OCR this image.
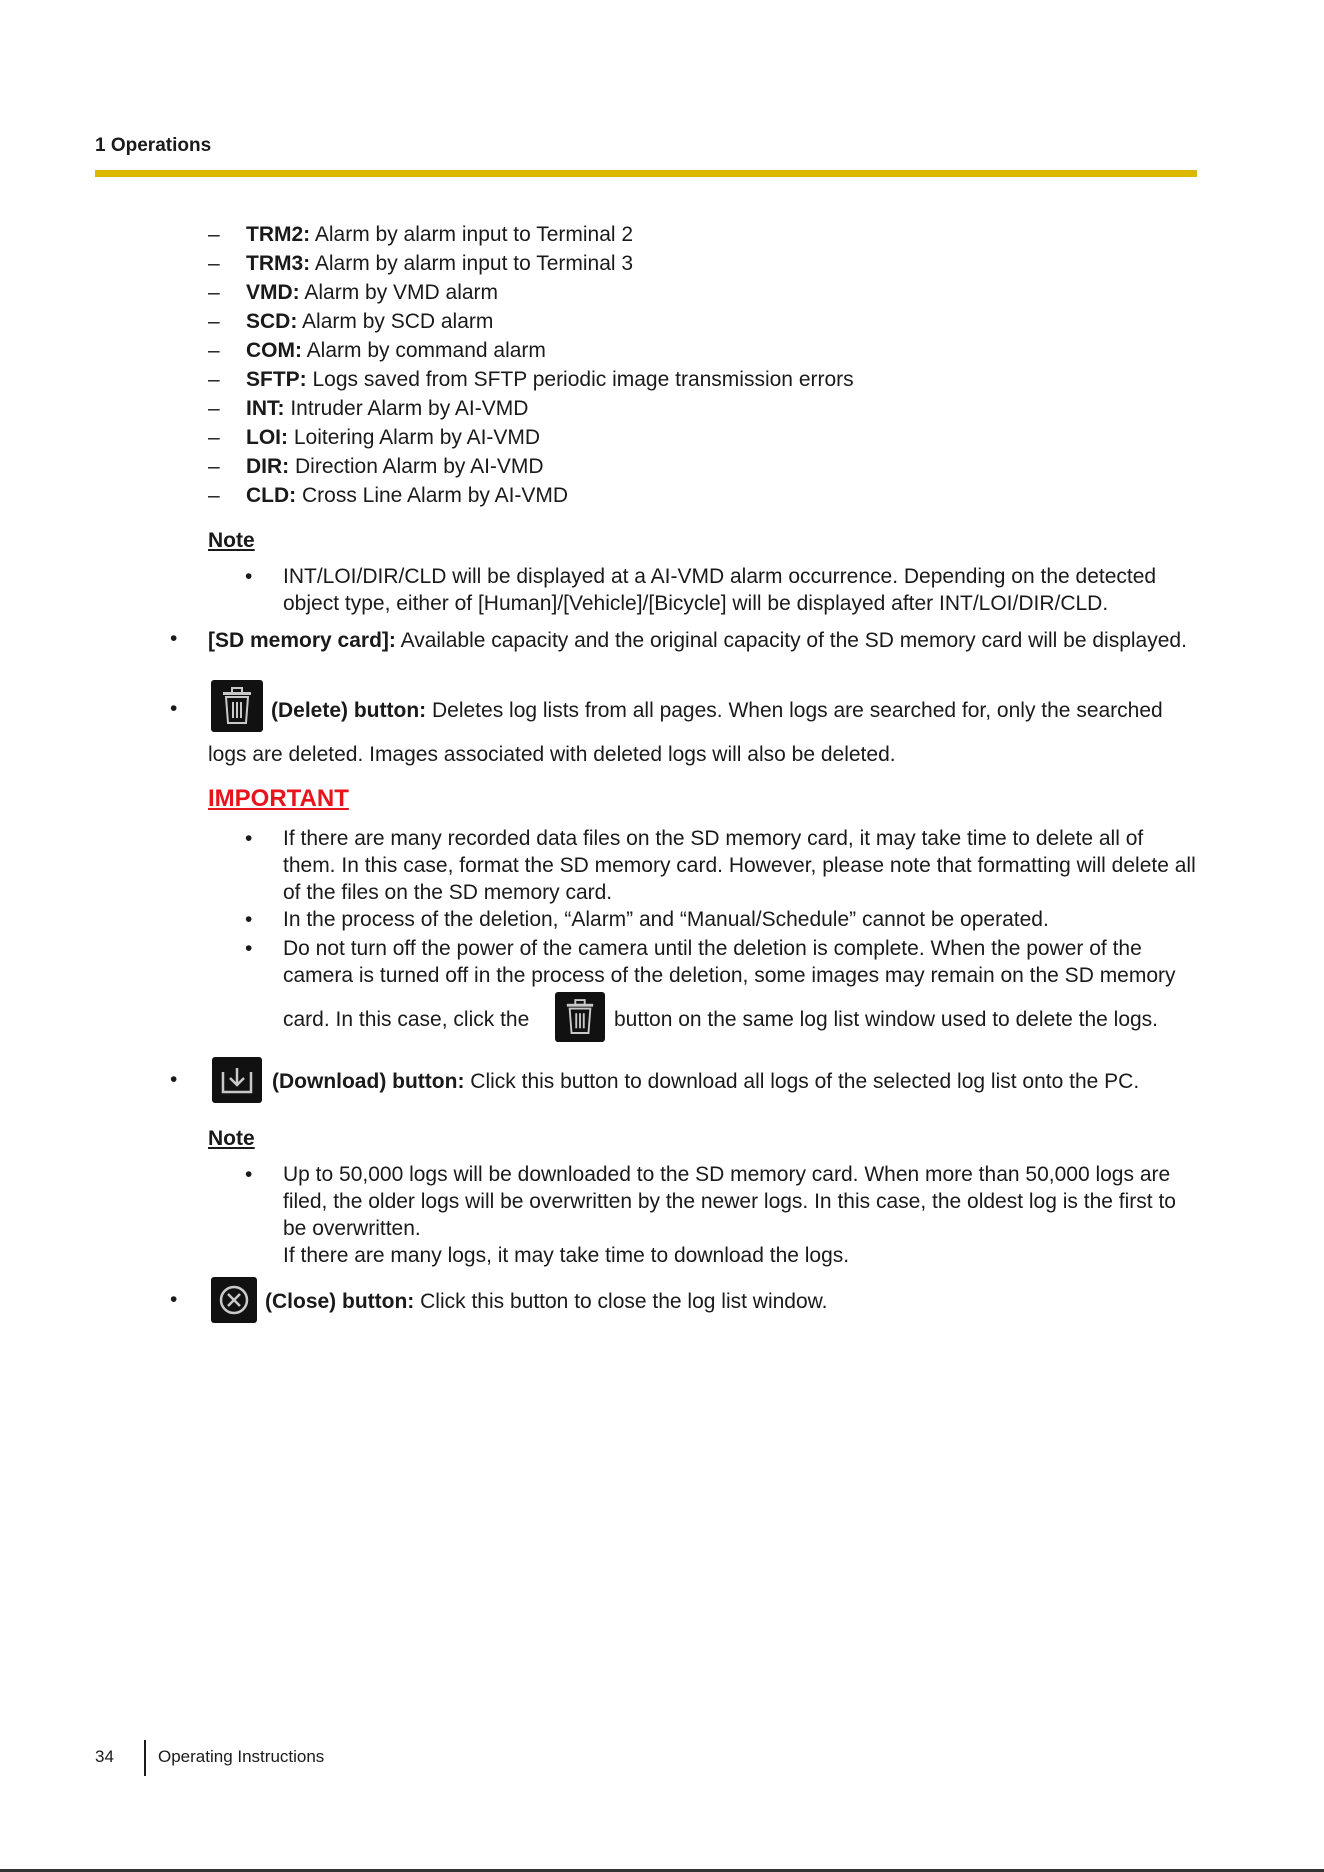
1 Operations
– TRM2: Alarm by alarm input to Terminal 2
– TRM3: Alarm by alarm input to Terminal 3
– VMD: Alarm by VMD alarm
– SCD: Alarm by SCD alarm
– COM: Alarm by command alarm
– SFTP: Logs saved from SFTP periodic image transmission errors
– INT: Intruder Alarm by AI-VMD
– LOI: Loitering Alarm by AI-VMD
– DIR: Direction Alarm by AI-VMD
– CLD: Cross Line Alarm by AI-VMD
Note
• INT/LOI/DIR/CLD will be displayed at a AI-VMD alarm occurrence. Depending on the detected object type, either of [Human]/[Vehicle]/[Bicycle] will be displayed after INT/LOI/DIR/CLD.
• [SD memory card]: Available capacity and the original capacity of the SD memory card will be displayed.
•	(Delete) button: Deletes log lists from all pages. When logs are searched for, only the searched
logs are deleted. Images associated with deleted logs will also be deleted.
IMPORTANT
• If there are many recorded data files on the SD memory card, it may take time to delete all of them. In this case, format the SD memory card. However, please note that formatting will delete all of the files on the SD memory card.
• In the process of the deletion, “Alarm” and “Manual/Schedule” cannot be operated.
• Do not turn off the power of the camera until the deletion is complete. When the power of the camera is turned off in the process of the deletion, some images may remain on the SD memory
card. In this case, click the	button on the same log list window used to delete the logs.
•	(Download) button: Click this button to download all logs of the selected log list onto the PC.
Note
• Up to 50,000 logs will be downloaded to the SD memory card. When more than 50,000 logs are filed, the older logs will be overwritten by the newer logs. In this case, the oldest log is the first to be overwritten.
If there are many logs, it may take time to download the logs.
•	(Close) button: Click this button to close the log list window.
34	Operating Instructions
